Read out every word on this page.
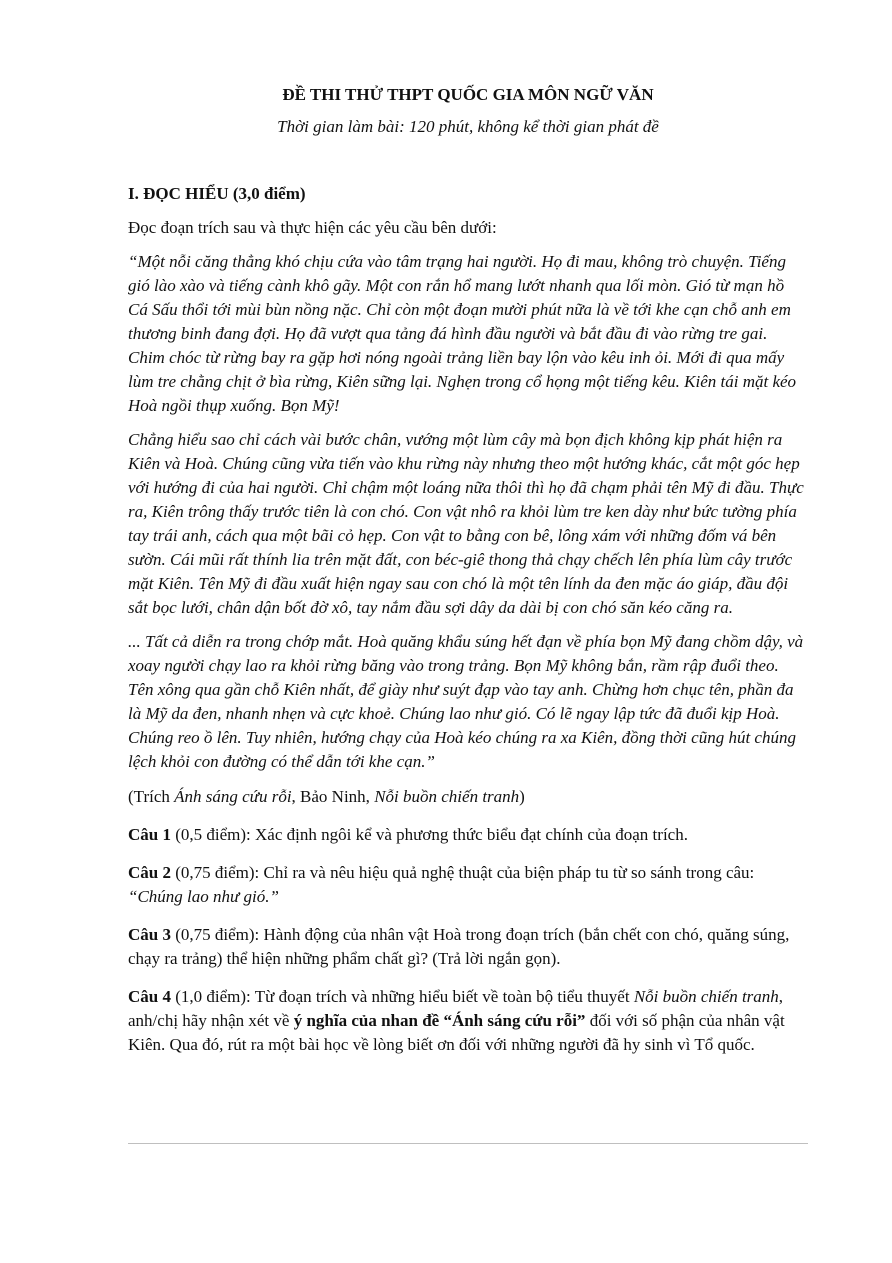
ĐỀ THI THỬ THPT QUỐC GIA MÔN NGỮ VĂN

Thời gian làm bài: 120 phút, không kể thời gian phát đề

I. ĐỌC HIỂU (3,0 điểm)

Đọc đoạn trích sau và thực hiện các yêu cầu bên dưới:

“Một nỗi căng thẳng khó chịu cứa vào tâm trạng hai người. Họ đi mau, không trò chuyện. Tiếng gió lào xào và tiếng cành khô gãy. Một con rắn hổ mang lướt nhanh qua lối mòn. Gió từ mạn hồ Cá Sấu thổi tới mùi bùn nồng nặc. Chỉ còn một đoạn mười phút nữa là về tới khe cạn chỗ anh em thương binh đang đợi. Họ đã vượt qua tảng đá hình đầu người và bắt đầu đi vào rừng tre gai. Chim chóc từ rừng bay ra gặp hơi nóng ngoài trảng liền bay lộn vào kêu inh ỏi. Mới đi qua mấy lùm tre chằng chịt ở bìa rừng, Kiên sững lại. Nghẹn trong cổ họng một tiếng kêu. Kiên tái mặt kéo Hoà ngồi thụp xuống. Bọn Mỹ!

Chẳng hiểu sao chỉ cách vài bước chân, vướng một lùm cây mà bọn địch không kịp phát hiện ra Kiên và Hoà. Chúng cũng vừa tiến vào khu rừng này nhưng theo một hướng khác, cắt một góc hẹp với hướng đi của hai người. Chỉ chậm một loáng nữa thôi thì họ đã chạm phải tên Mỹ đi đầu. Thực ra, Kiên trông thấy trước tiên là con chó. Con vật nhô ra khỏi lùm tre ken dày như bức tường phía tay trái anh, cách qua một bãi cỏ hẹp. Con vật to bằng con bê, lông xám với những đốm vá bên sườn. Cái mũi rất thính lia trên mặt đất, con béc-giê thong thả chạy chếch lên phía lùm cây trước mặt Kiên. Tên Mỹ đi đầu xuất hiện ngay sau con chó là một tên lính da đen mặc áo giáp, đầu đội sắt bọc lưới, chân dận bốt đờ xô, tay nắm đầu sợi dây da dài bị con chó săn kéo căng ra.

... Tất cả diễn ra trong chớp mắt. Hoà quăng khẩu súng hết đạn về phía bọn Mỹ đang chồm dậy, và xoay người chạy lao ra khỏi rừng băng vào trong trảng. Bọn Mỹ không bắn, rầm rập đuổi theo. Tên xông qua gần chỗ Kiên nhất, để giày như suýt đạp vào tay anh. Chừng hơn chục tên, phần đa là Mỹ da đen, nhanh nhẹn và cực khoẻ. Chúng lao như gió. Có lẽ ngay lập tức đã đuổi kịp Hoà. Chúng reo ồ lên. Tuy nhiên, hướng chạy của Hoà kéo chúng ra xa Kiên, đồng thời cũng hút chúng lệch khỏi con đường có thể dẫn tới khe cạn.”

(Trích Ánh sáng cứu rỗi, Bảo Ninh, Nỗi buồn chiến tranh)

Câu 1 (0,5 điểm): Xác định ngôi kể và phương thức biểu đạt chính của đoạn trích.

Câu 2 (0,75 điểm): Chỉ ra và nêu hiệu quả nghệ thuật của biện pháp tu từ so sánh trong câu: “Chúng lao như gió.”

Câu 3 (0,75 điểm): Hành động của nhân vật Hoà trong đoạn trích (bắn chết con chó, quăng súng, chạy ra trảng) thể hiện những phẩm chất gì? (Trả lời ngắn gọn).

Câu 4 (1,0 điểm): Từ đoạn trích và những hiểu biết về toàn bộ tiểu thuyết Nỗi buồn chiến tranh, anh/chị hãy nhận xét về ý nghĩa của nhan đề “Ánh sáng cứu rỗi” đối với số phận của nhân vật Kiên. Qua đó, rút ra một bài học về lòng biết ơn đối với những người đã hy sinh vì Tổ quốc.
